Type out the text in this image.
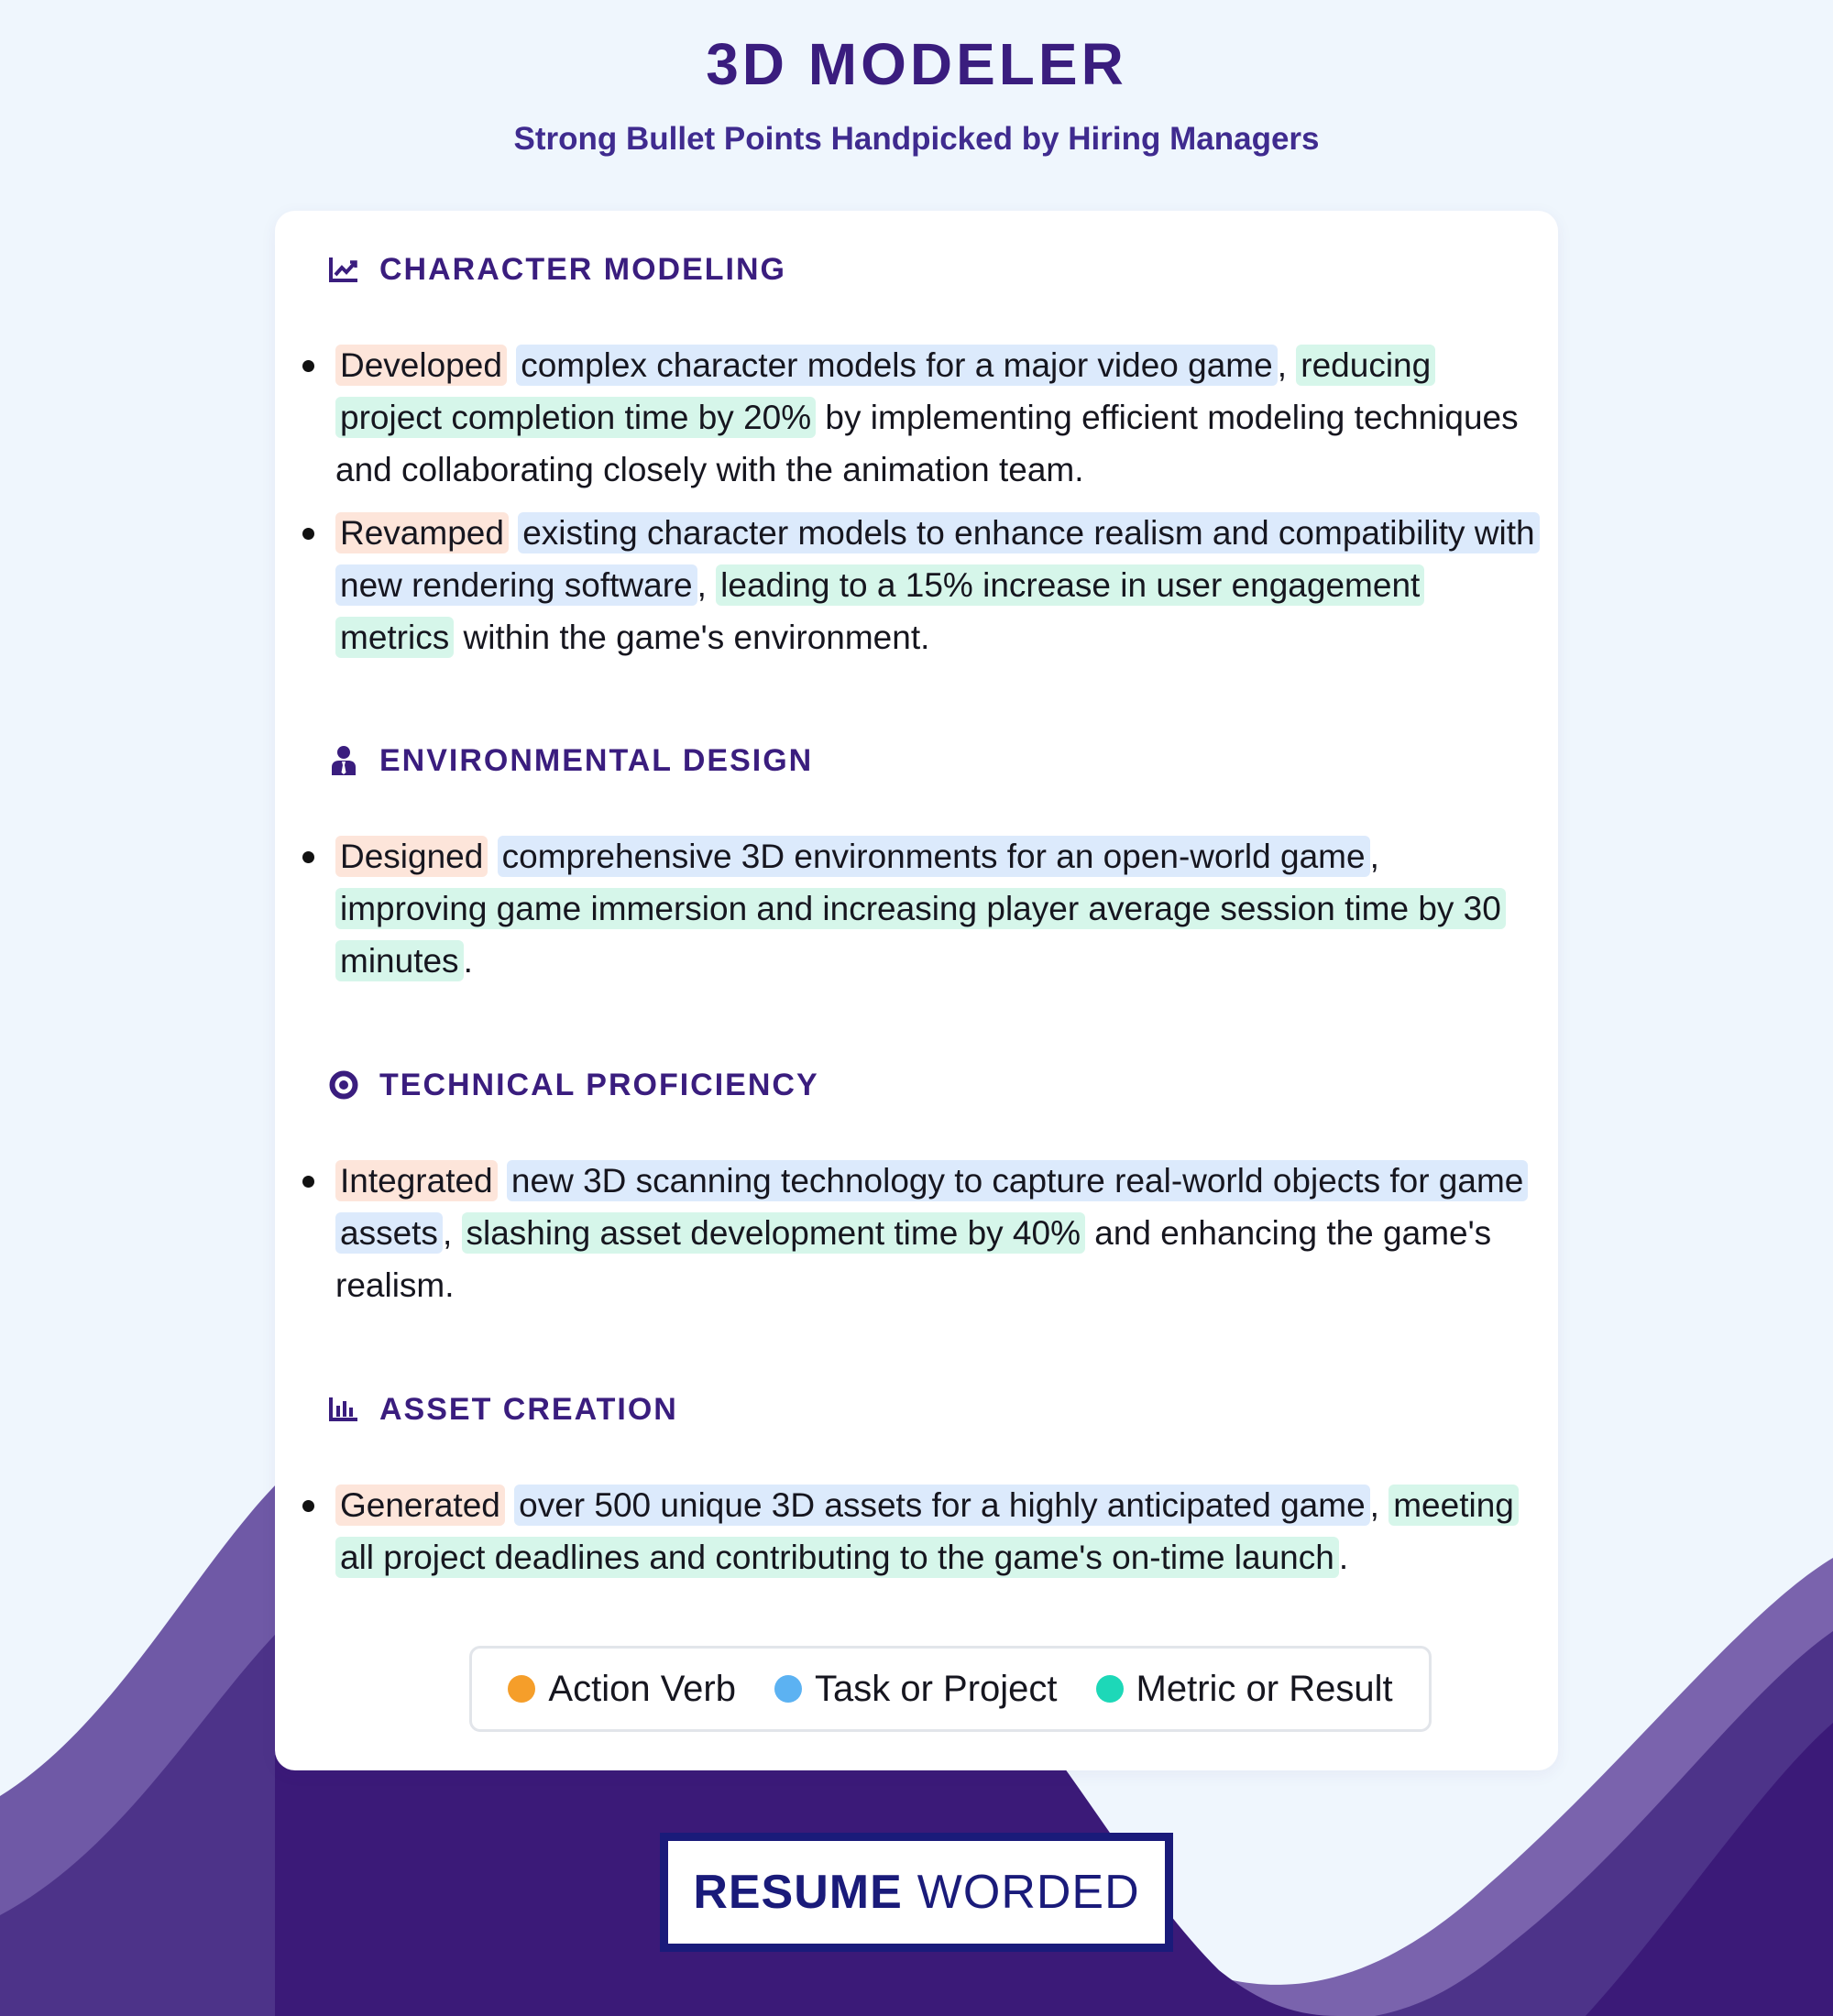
3D MODELER
Strong Bullet Points Handpicked by Hiring Managers
CHARACTER MODELING
Developed complex character models for a major video game , reducing project completion time by 20% by implementing efficient modeling techniques and collaborating closely with the animation team.
Revamped existing character models to enhance realism and compatibility with new rendering software , leading to a 15% increase in user engagement metrics within the game's environment.
ENVIRONMENTAL DESIGN
Designed comprehensive 3D environments for an open-world game , improving game immersion and increasing player average session time by 30 minutes .
TECHNICAL PROFICIENCY
Integrated new 3D scanning technology to capture real-world objects for game assets , slashing asset development time by 40% and enhancing the game's realism.
ASSET CREATION
Generated over 500 unique 3D assets for a highly anticipated game , meeting all project deadlines and contributing to the game's on-time launch .
Action Verb Task or Project Metric or Result
RESUME WORDED
